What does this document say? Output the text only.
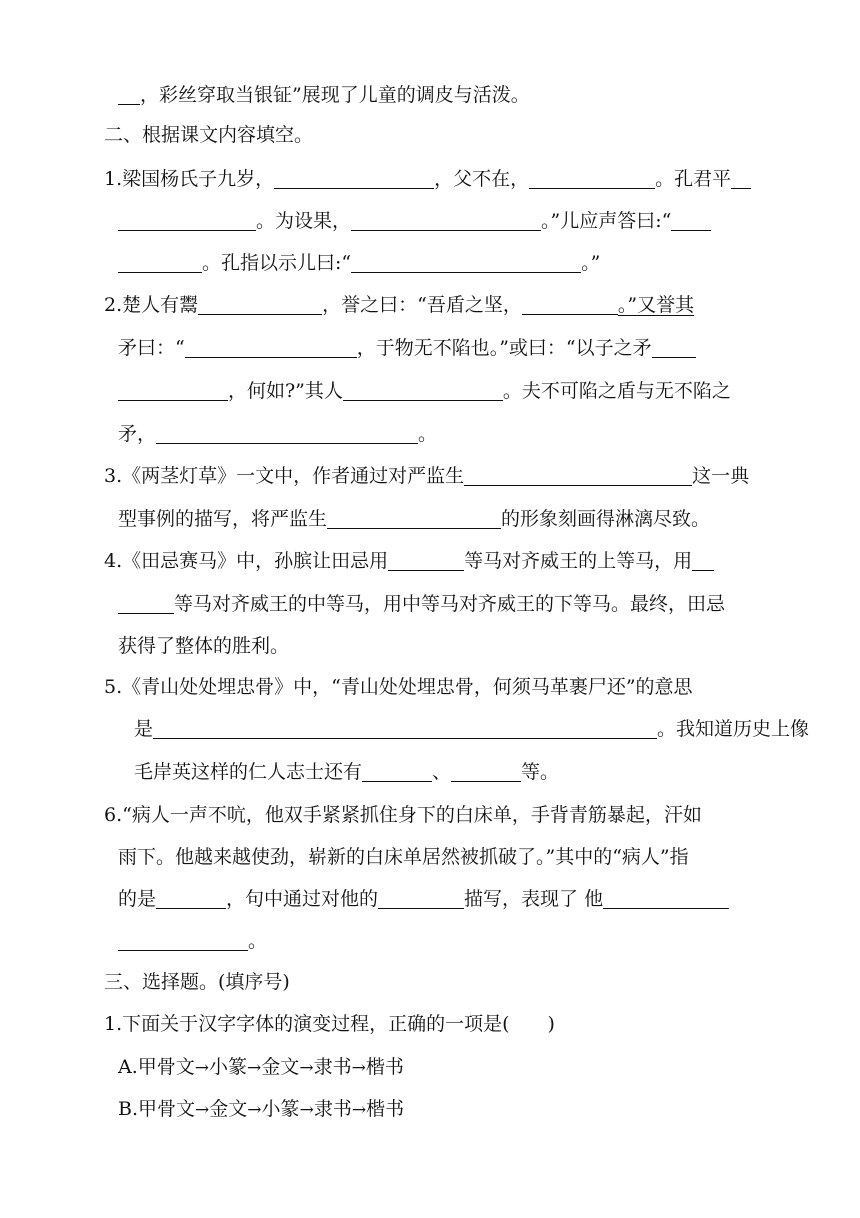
，彩丝穿取当银钲”展现了儿童的调皮与活泼。
二、根据课文内容填空。
1.梁国杨氏子九岁，	，父不在，	。孔君平
。为设果，	。”儿应声答曰:“
。孔指以示儿曰:“	。”
2.楚人有鬻	，誉之曰：“吾盾之坚，	。”又誉其
矛曰：“	，于物无不陷也。”或曰：“以子之矛
，何如?”其人	。夫不可陷之盾与无不陷之
矛，	。
3.《两茎灯草》一文中，作者通过对严监生	这一典
型事例的描写，将严监生	的形象刻画得淋漓尽致。
4.《田忌赛马》中，孙膑让田忌用	等马对齐威王的上等马，用
等马对齐威王的中等马，用中等马对齐威王的下等马。最终，田忌
获得了整体的胜利。
5.《青山处处埋忠骨》中，“青山处处埋忠骨，何须马革裹尸还”的意思
是	。我知道历史上像
毛岸英这样的仁人志士还有	、	等。
6.“病人一声不吭，他双手紧紧抓住身下的白床单，手背青筋暴起，汗如
雨下。他越来越使劲，崭新的白床单居然被抓破了。”其中的“病人”指
的是	，句中通过对他的	描写，表现了 他
。
三、选择题。(填序号)
1.下面关于汉字字体的演变过程，正确的一项是(　　)
A.甲骨文→小篆→金文→隶书→楷书
B.甲骨文→金文→小篆→隶书→楷书
